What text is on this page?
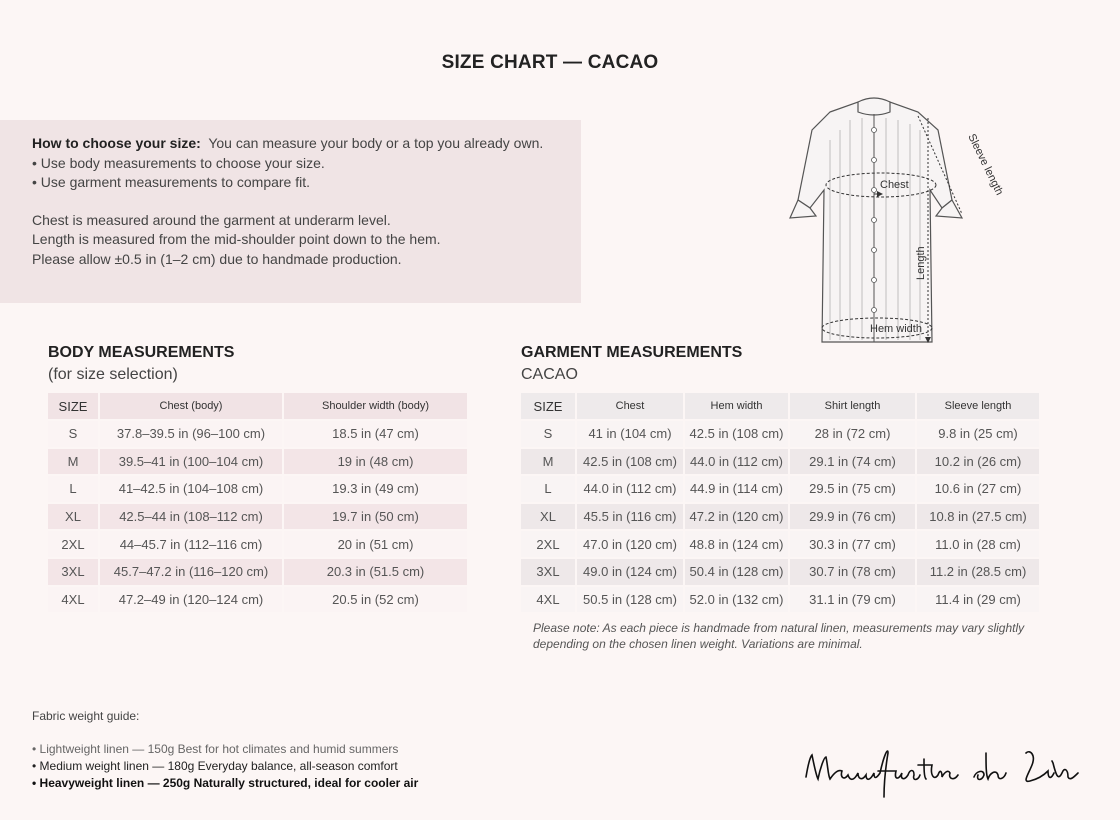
SIZE CHART — CACAO
How to choose your size: You can measure your body or a top you already own.
• Use body measurements to choose your size.
• Use garment measurements to compare fit.
Chest is measured around the garment at underarm level.
Length is measured from the mid-shoulder point down to the hem.
Please allow ±0.5 in (1–2 cm) due to handmade production.
Chest
Hem width
Length
Sleeve length
BODY MEASUREMENTS
(for size selection)
SIZE	Chest (body)	Shoulder width (body)
S	37.8–39.5 in (96–100 cm)	18.5 in (47 cm)
M	39.5–41 in (100–104 cm)	19 in (48 cm)
L	41–42.5 in (104–108 cm)	19.3 in (49 cm)
XL	42.5–44 in (108–112 cm)	19.7 in (50 cm)
2XL	44–45.7 in (112–116 cm)	20 in (51 cm)
3XL	45.7–47.2 in (116–120 cm)	20.3 in (51.5 cm)
4XL	47.2–49 in (120–124 cm)	20.5 in (52 cm)
GARMENT MEASUREMENTS
CACAO
SIZE	Chest	Hem width	Shirt length	Sleeve length
S	41 in (104 cm)	42.5 in (108 cm)	28 in (72 cm)	9.8 in (25 cm)
M	42.5 in (108 cm)	44.0 in (112 cm)	29.1 in (74 cm)	10.2 in (26 cm)
L	44.0 in (112 cm)	44.9 in (114 cm)	29.5 in (75 cm)	10.6 in (27 cm)
XL	45.5 in (116 cm)	47.2 in (120 cm)	29.9 in (76 cm)	10.8 in (27.5 cm)
2XL	47.0 in (120 cm)	48.8 in (124 cm)	30.3 in (77 cm)	11.0 in (28 cm)
3XL	49.0 in (124 cm)	50.4 in (128 cm)	30.7 in (78 cm)	11.2 in (28.5 cm)
4XL	50.5 in (128 cm)	52.0 in (132 cm)	31.1 in (79 cm)	11.4 in (29 cm)
Please note: As each piece is handmade from natural linen, measurements may vary slightly depending on the chosen linen weight. Variations are minimal.
Fabric weight guide:
• Lightweight linen — 150g Best for hot climates and humid summers
• Medium weight linen — 180g Everyday balance, all-season comfort
• Heavyweight linen — 250g Naturally structured, ideal for cooler air
